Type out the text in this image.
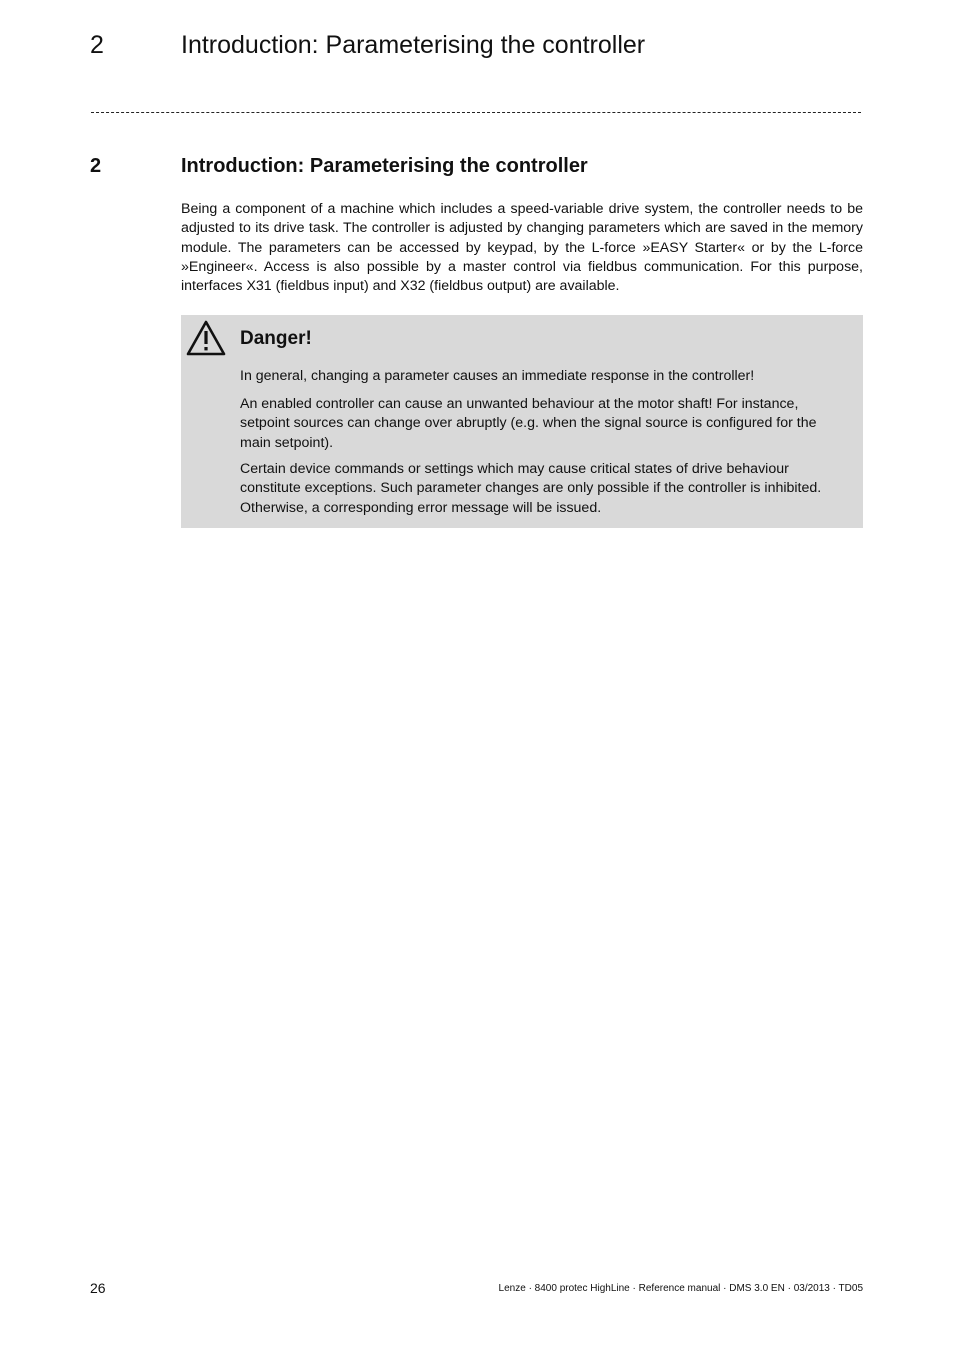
2	Introduction: Parameterising the controller
2	Introduction: Parameterising the controller

Being a component of a machine which includes a speed-variable drive system, the controller needs to be adjusted to its drive task. The controller is adjusted by changing parameters which are saved in the memory module. The parameters can be accessed by keypad, by the L-force »EASY Starter« or by the L-force »Engineer«. Access is also possible by a master control via fieldbus communication. For this purpose, interfaces X31 (fieldbus input) and X32 (fieldbus output) are available.

Danger!

In general, changing a parameter causes an immediate response in the controller!

An enabled controller can cause an unwanted behaviour at the motor shaft! For instance, setpoint sources can change over abruptly (e.g. when the signal source is configured for the main setpoint).

Certain device commands or settings which may cause critical states of drive behaviour constitute exceptions. Such parameter changes are only possible if the controller is inhibited. Otherwise, a corresponding error message will be issued.

26	Lenze · 8400 protec HighLine · Reference manual · DMS 3.0 EN · 03/2013 · TD05
